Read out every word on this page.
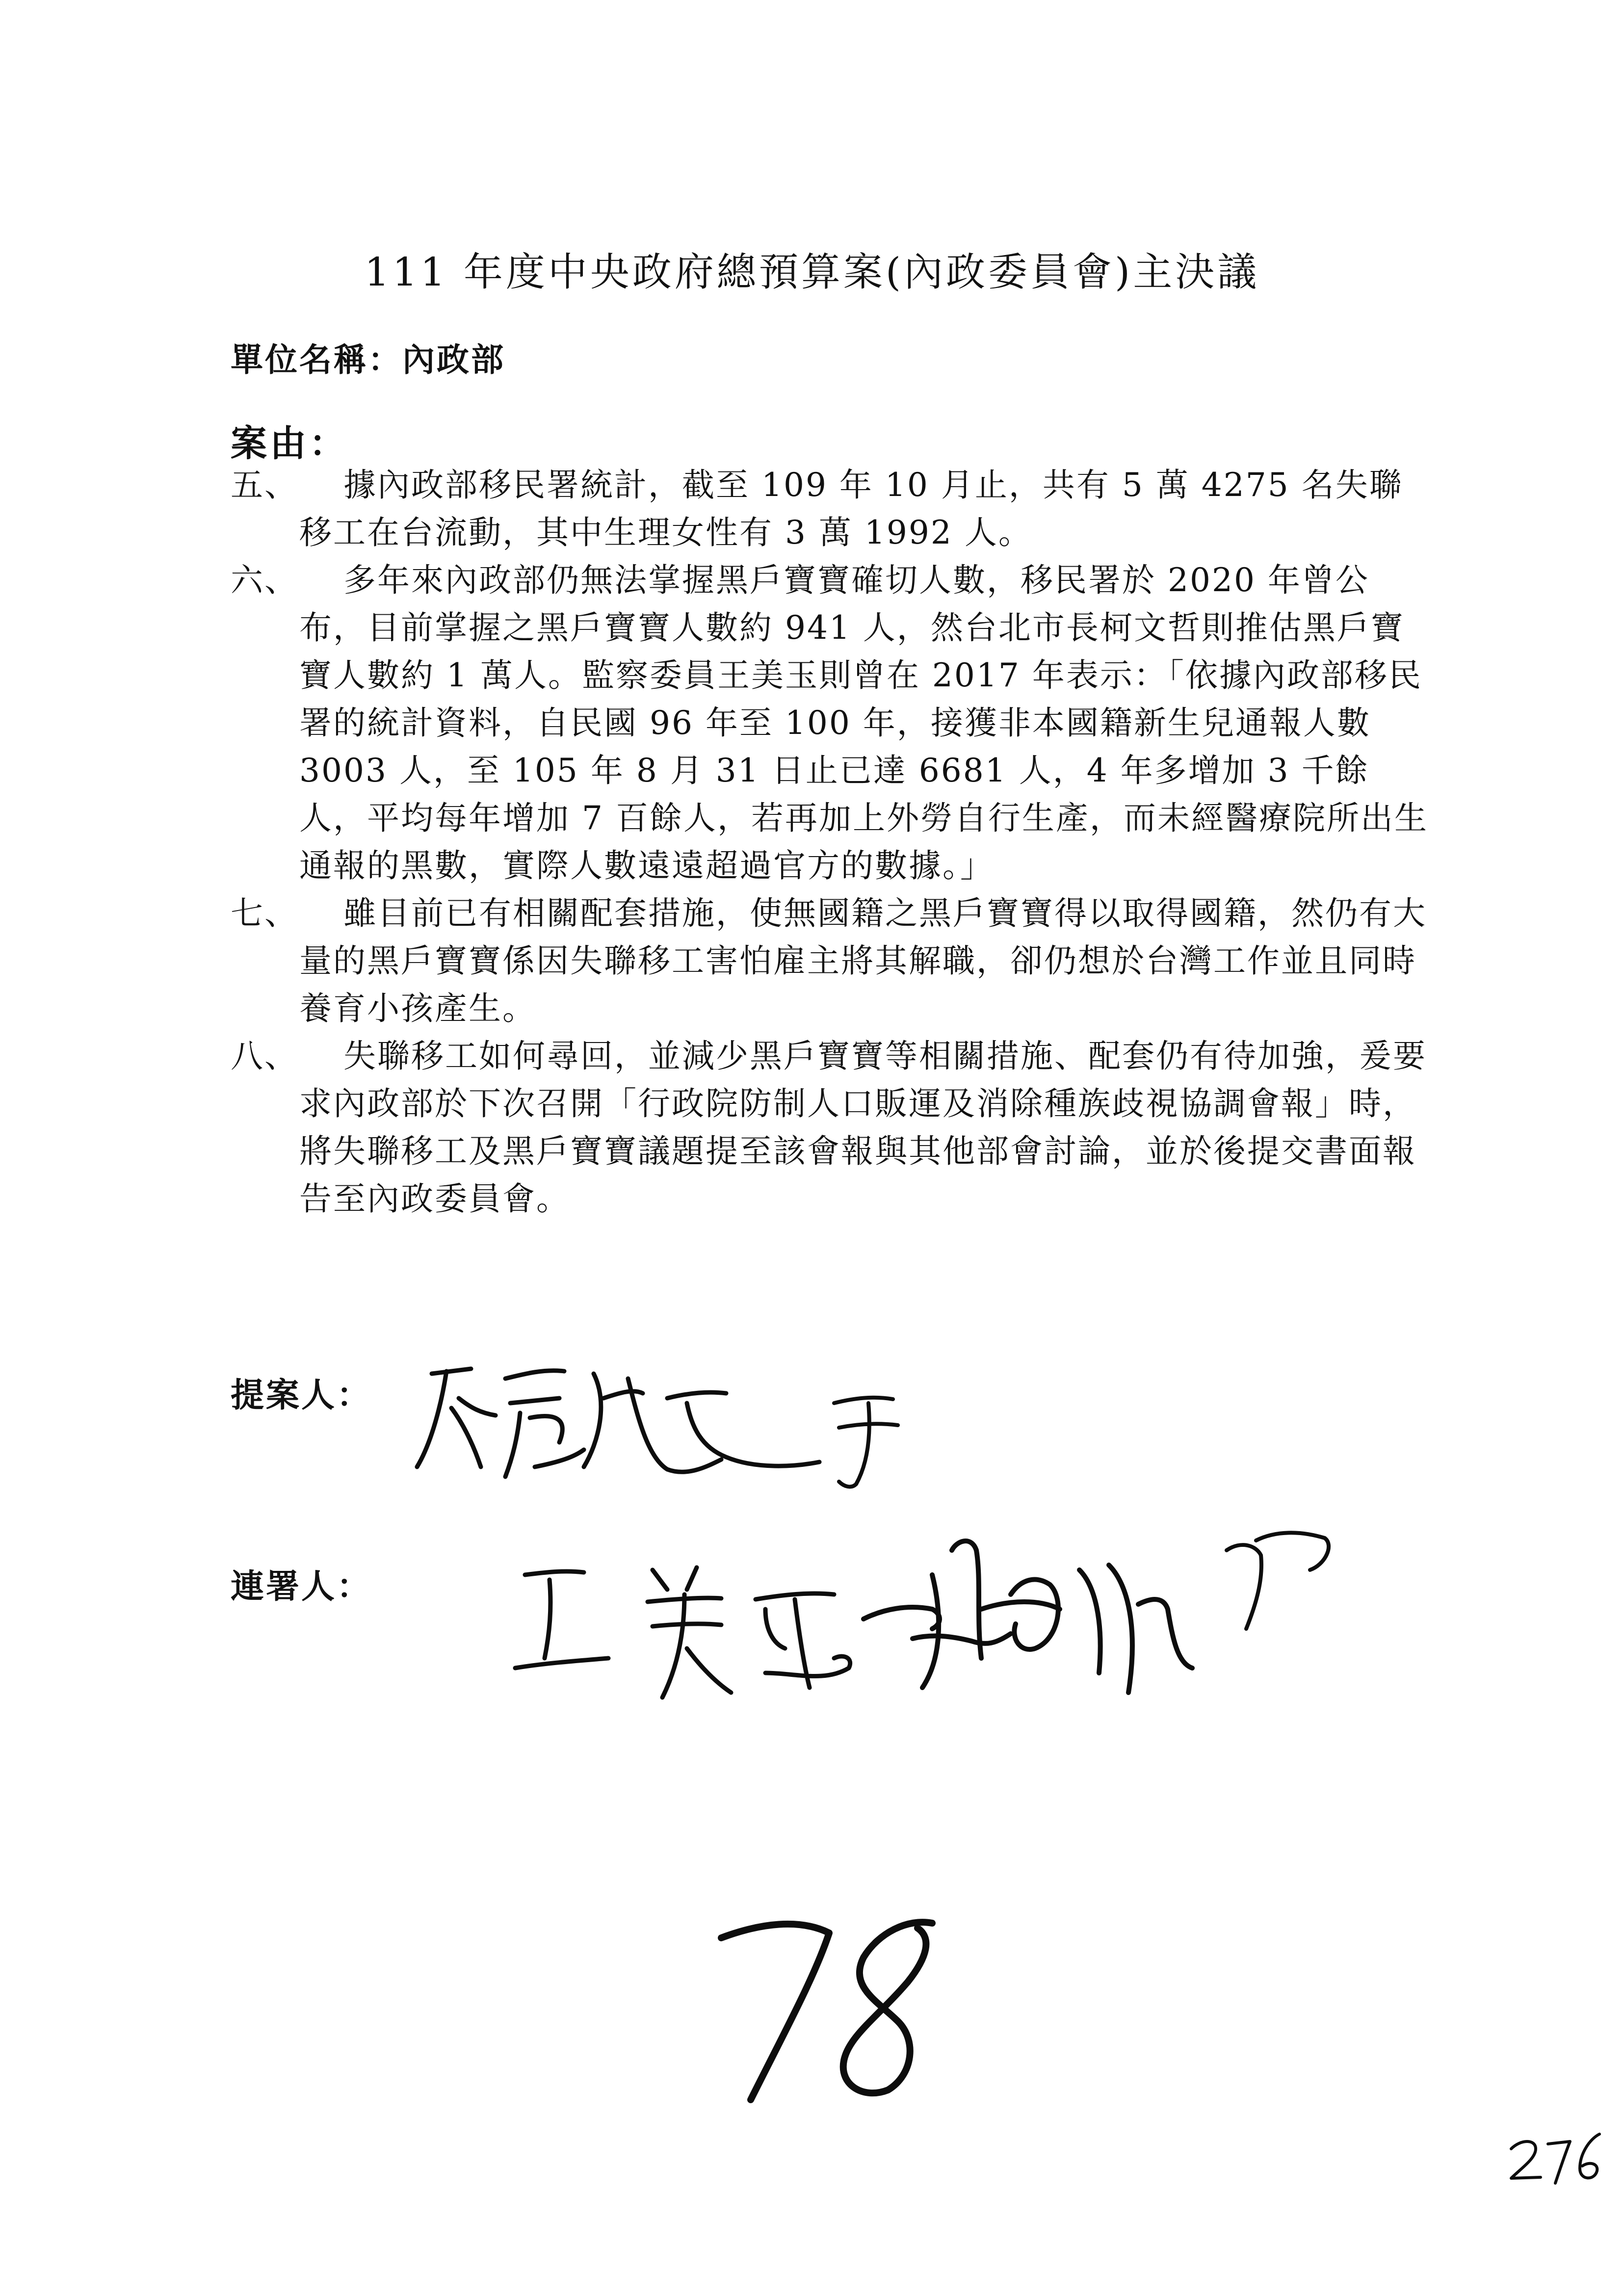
111 年度中央政府總預算案(內政委員會)主決議
單位名稱：內政部
案由：
五、	據內政部移民署統計，截至 109 年 10 月止，共有 5 萬 4275 名失聯移工在台流動，其中生理女性有 3 萬 1992 人。
六、	多年來內政部仍無法掌握黑戶寶寶確切人數，移民署於 2020 年曾公布，目前掌握之黑戶寶寶人數約 941 人，然台北市長柯文哲則推估黑戶寶寶人數約 1 萬人。監察委員王美玉則曾在 2017 年表示：「依據內政部移民署的統計資料，自民國 96 年至 100 年，接獲非本國籍新生兒通報人數 3003 人，至 105 年 8 月 31 日止已達 6681 人，4 年多增加 3 千餘人，平均每年增加 7 百餘人，若再加上外勞自行生產，而未經醫療院所出生通報的黑數，實際人數遠遠超過官方的數據。」
七、	雖目前已有相關配套措施，使無國籍之黑戶寶寶得以取得國籍，然仍有大量的黑戶寶寶係因失聯移工害怕雇主將其解職，卻仍想於台灣工作並且同時養育小孩產生。
八、	失聯移工如何尋回，並減少黑戶寶寶等相關措施、配套仍有待加強，爰要求內政部於下次召開「行政院防制人口販運及消除種族歧視協調會報」時，將失聯移工及黑戶寶寶議題提至該會報與其他部會討論，並於後提交書面報告至內政委員會。
提案人：
連署人：
